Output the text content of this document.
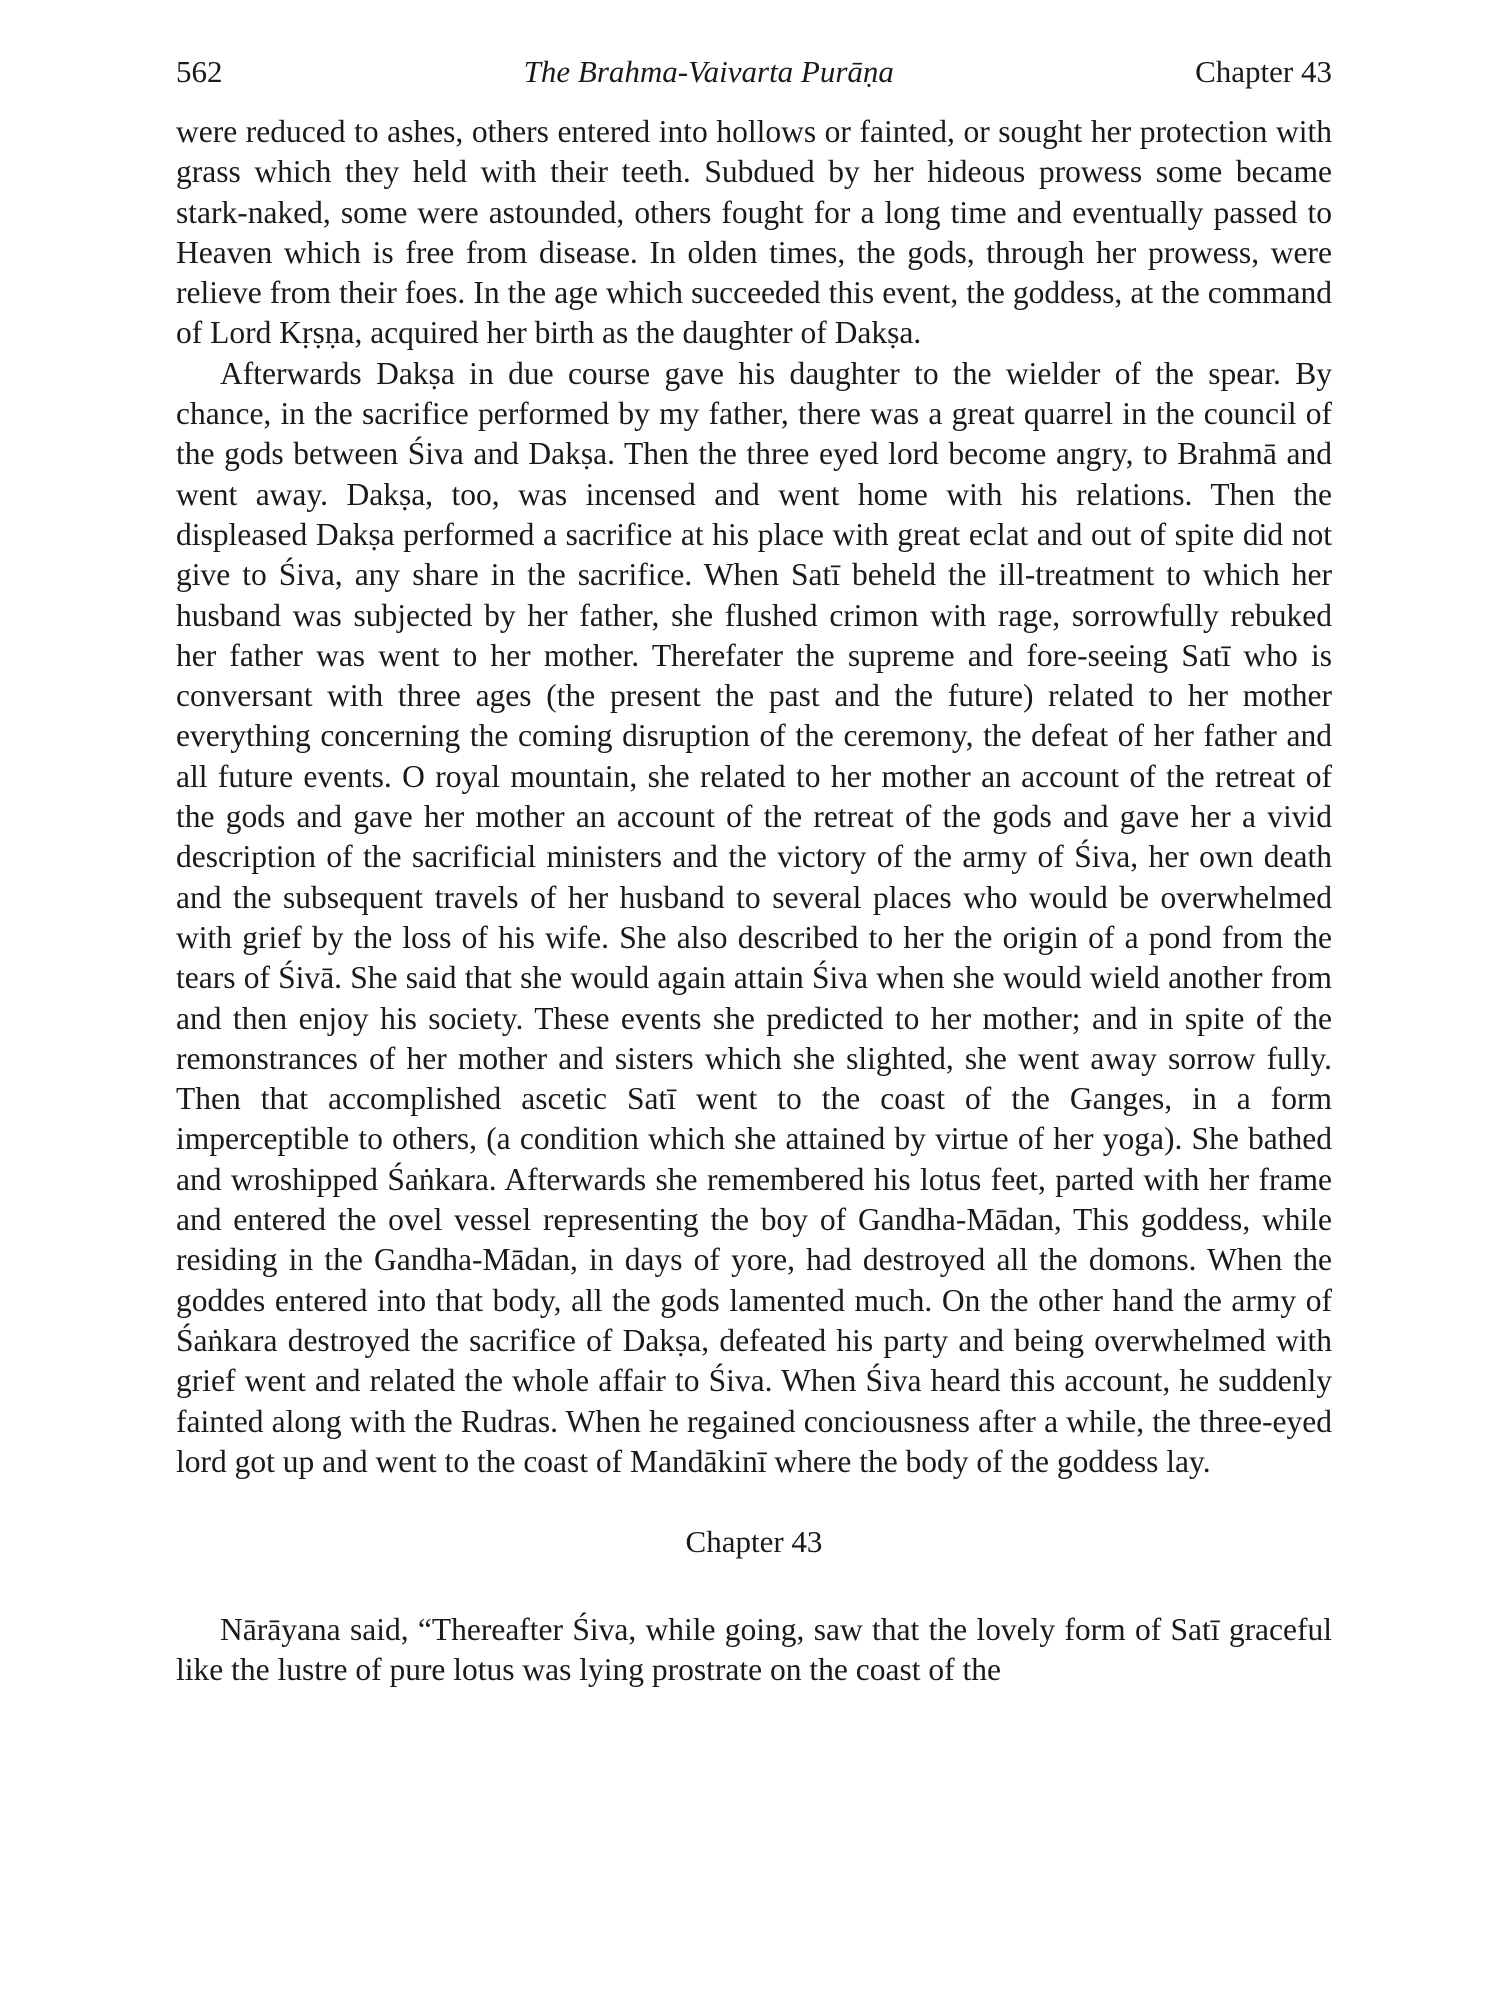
562	The Brahma-Vaivarta Purāṇa	Chapter 43

were reduced to ashes, others entered into hollows or fainted, or sought her protection with grass which they held with their teeth. Subdued by her hideous prowess some became stark-naked, some were astounded, others fought for a long time and eventually passed to Heaven which is free from disease. In olden times, the gods, through her prowess, were relieve from their foes. In the age which succeeded this event, the goddess, at the command of Lord Kṛṣṇa, acquired her birth as the daughter of Dakṣa.

Afterwards Dakṣa in due course gave his daughter to the wielder of the spear. By chance, in the sacrifice performed by my father, there was a great quarrel in the council of the gods between Śiva and Dakṣa. Then the three eyed lord become angry, to Brahmā and went away. Dakṣa, too, was incensed and went home with his relations. Then the displeased Dakṣa performed a sacrifice at his place with great eclat and out of spite did not give to Śiva, any share in the sacrifice. When Satī beheld the ill-treatment to which her husband was subjected by her father, she flushed crimon with rage, sorrowfully rebuked her father was went to her mother. Therefater the supreme and fore-seeing Satī who is conversant with three ages (the present the past and the future) related to her mother everything concerning the coming disruption of the ceremony, the defeat of her father and all future events. O royal mountain, she related to her mother an account of the retreat of the gods and gave her mother an account of the retreat of the gods and gave her a vivid description of the sacrificial ministers and the victory of the army of Śiva, her own death and the subsequent travels of her husband to several places who would be overwhelmed with grief by the loss of his wife. She also described to her the origin of a pond from the tears of Śivā. She said that she would again attain Śiva when she would wield another from and then enjoy his society. These events she predicted to her mother; and in spite of the remonstrances of her mother and sisters which she slighted, she went away sorrow fully. Then that accomplished ascetic Satī went to the coast of the Ganges, in a form imperceptible to others, (a condition which she attained by virtue of her yoga). She bathed and wroshipped Śaṅkara. Afterwards she remembered his lotus feet, parted with her frame and entered the ovel vessel representing the boy of Gandha-Mādan, This goddess, while residing in the Gandha-Mādan, in days of yore, had destroyed all the domons. When the goddes entered into that body, all the gods lamented much. On the other hand the army of Śaṅkara destroyed the sacrifice of Dakṣa, defeated his party and being overwhelmed with grief went and related the whole affair to Śiva. When Śiva heard this account, he suddenly fainted along with the Rudras. When he regained conciousness after a while, the three-eyed lord got up and went to the coast of Mandākinī where the body of the goddess lay.

Chapter 43

Nārāyana said, “Thereafter Śiva, while going, saw that the lovely form of Satī graceful like the lustre of pure lotus was lying prostrate on the coast of the
